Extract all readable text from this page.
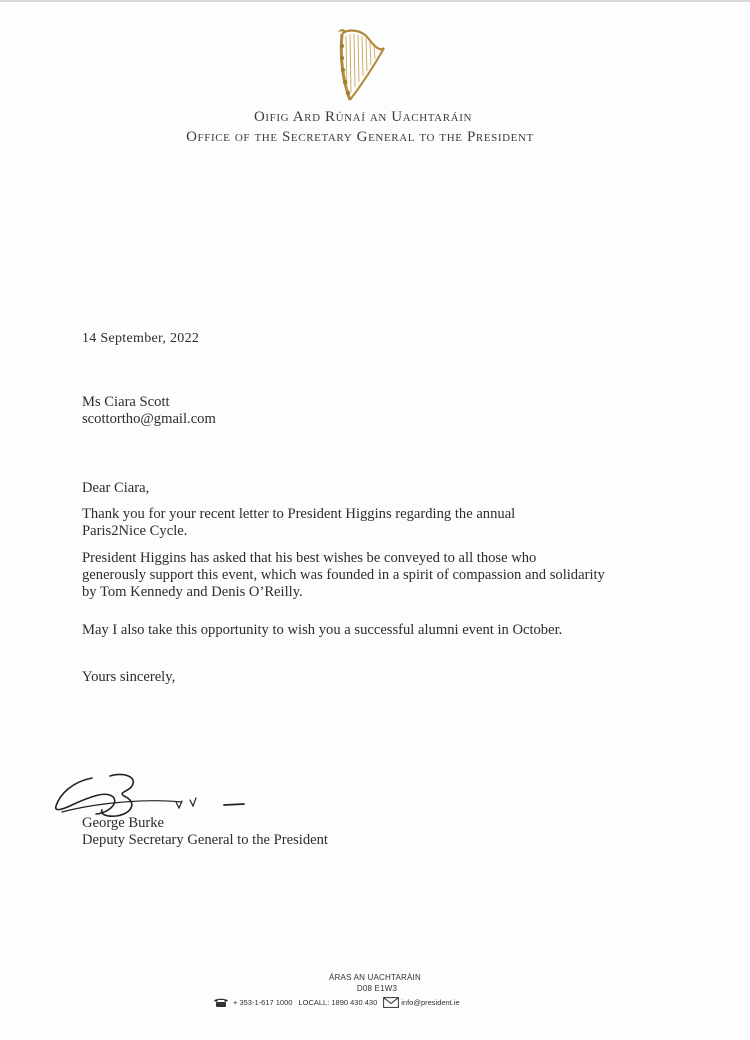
Oifig Ard Rúnaí an Uachtaráin
Office of the Secretary General to the President
14 September, 2022
Ms Ciara Scott
scottortho@gmail.com
Dear Ciara,
Thank you for your recent letter to President Higgins regarding the annual
Paris2Nice Cycle.
President Higgins has asked that his best wishes be conveyed to all those who
generously support this event, which was founded in a spirit of compassion and solidarity
by Tom Kennedy and Denis O’Reilly.
May I also take this opportunity to wish you a successful alumni event in October.
Yours sincerely,
George Burke
Deputy Secretary General to the President
ÁRAS AN UACHTARÁIN
D08 E1W3
+ 353-1-617 1000 LOCALL: 1890 430 430	info@president.ie
